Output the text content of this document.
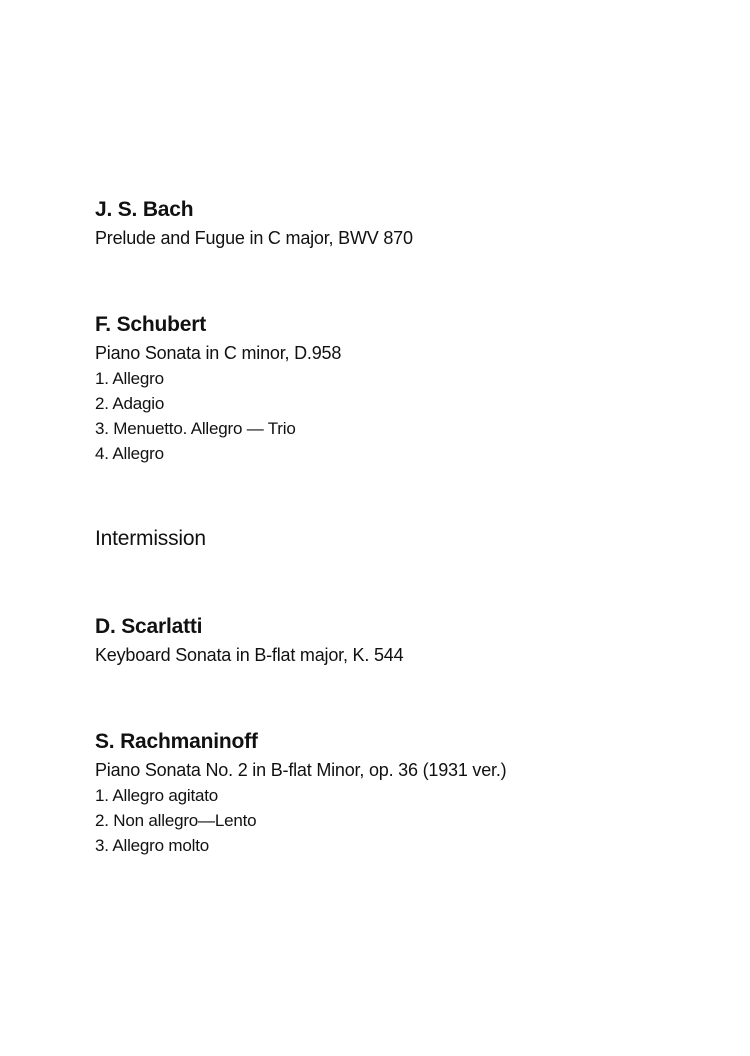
J. S. Bach
Prelude and Fugue in C major, BWV 870
F. Schubert
Piano Sonata in C minor, D.958
1. Allegro
2. Adagio
3. Menuetto. Allegro — Trio
4. Allegro
Intermission
D. Scarlatti
Keyboard Sonata in B-flat major, K. 544
S. Rachmaninoff
Piano Sonata No. 2 in B-flat Minor, op. 36 (1931 ver.)
1. Allegro agitato
2. Non allegro—Lento
3. Allegro molto
